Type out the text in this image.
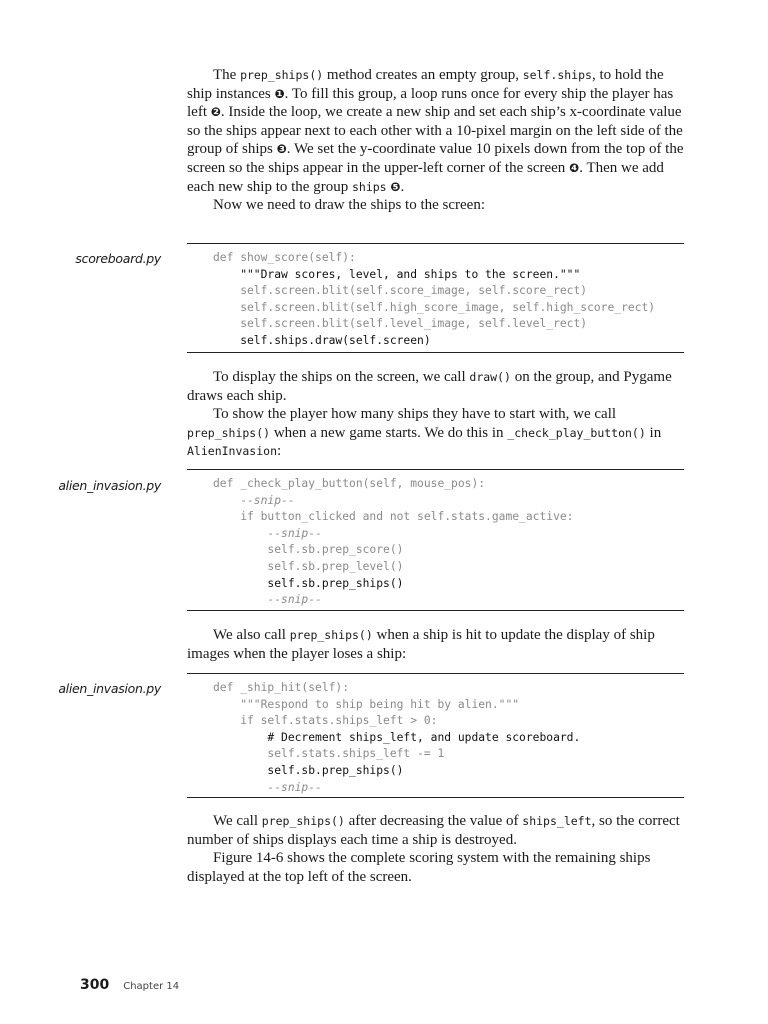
The prep_ships() method creates an empty group, self.ships, to hold the ship instances ❶. To fill this group, a loop runs once for every ship the player has left ❷. Inside the loop, we create a new ship and set each ship’s x-coordinate value so the ships appear next to each other with a 10-pixel margin on the left side of the group of ships ❸. We set the y-coordinate value 10 pixels down from the top of the screen so the ships appear in the upper-left corner of the screen ❹. Then we add each new ship to the group ships ❺.

Now we need to draw the ships to the screen:

scoreboard.py	def show_score(self):
"""Draw scores, level, and ships to the screen."""
self.screen.blit(self.score_image, self.score_rect)
self.screen.blit(self.high_score_image, self.high_score_rect)
self.screen.blit(self.level_image, self.level_rect)
self.ships.draw(self.screen)

To display the ships on the screen, we call draw() on the group, and Pygame draws each ship.

To show the player how many ships they have to start with, we call prep_ships() when a new game starts. We do this in _check_play_button() in AlienInvasion:

alien_invasion.py	def _check_play_button(self, mouse_pos):
--snip--
if button_clicked and not self.stats.game_active:
--snip--
self.sb.prep_score()
self.sb.prep_level()
self.sb.prep_ships()
--snip--

We also call prep_ships() when a ship is hit to update the display of ship images when the player loses a ship:

alien_invasion.py	def _ship_hit(self):
"""Respond to ship being hit by alien."""
if self.stats.ships_left > 0:
# Decrement ships_left, and update scoreboard.
self.stats.ships_left -= 1
self.sb.prep_ships()
--snip--

We call prep_ships() after decreasing the value of ships_left, so the correct number of ships displays each time a ship is destroyed.

Figure 14-6 shows the complete scoring system with the remaining ships displayed at the top left of the screen.

300 Chapter 14
